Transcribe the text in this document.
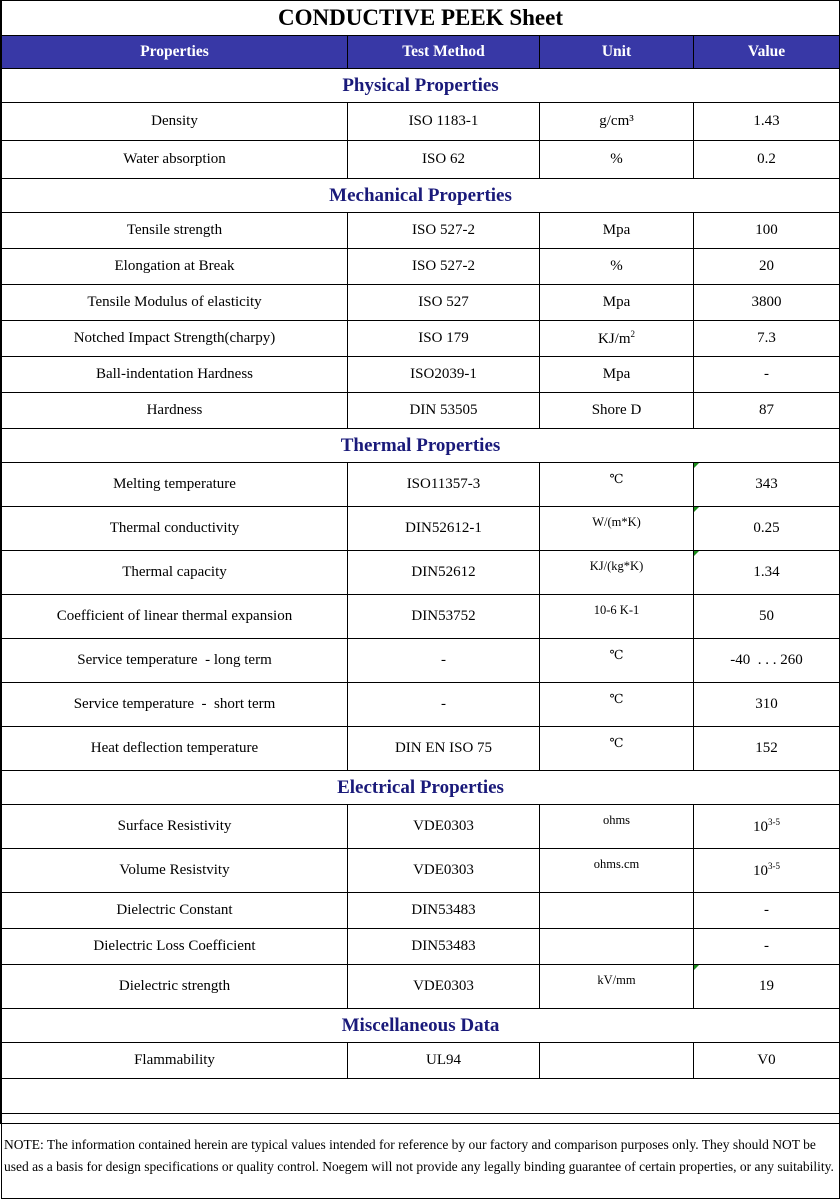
CONDUCTIVE PEEK Sheet			
Properties	Test Method	Unit	Value
Physical Properties			
Density	ISO 1183-1	g/cm³	1.43
Water absorption	ISO 62	%	0.2
Mechanical Properties			
Tensile strength	ISO 527-2	Mpa	100
Elongation at Break	ISO 527-2	%	20
Tensile Modulus of elasticity	ISO 527	Mpa	3800
Notched Impact Strength(charpy)	ISO 179	$KJ/m^2$	7.3
Ball-indentation Hardness	ISO2039-1	Mpa	-
Hardness	DIN 53505	Shore D	87
Thermal Properties			
Melting temperature	ISO11357-3	℃	343
Thermal conductivity	DIN52612-1	W/(m*K)	0.25
Thermal capacity	DIN52612	KJ/(kg*K)	1.34
Coefficient of linear thermal expansion	DIN53752	10-6 K-1	50
Service temperature  - long term	-	℃	-40  . . . 260
Service temperature  -  short term	-	℃	310
Heat deflection temperature	DIN EN ISO 75	℃	152
Electrical Properties			
Surface Resistivity	VDE0303	ohms	10$^{3-5}$
Volume Resistvity	VDE0303	ohms.cm	10$^{3-5}$
Dielectric Constant	DIN53483		-
Dielectric Loss Coefficient	DIN53483		-
Dielectric strength	VDE0303	kV/mm	19
Miscellaneous Data			
Flammability	UL94		V0

NOTE: The information contained herein are typical values intended for reference by our factory and comparison purposes only. They should NOT be used as a basis for design specifications or quality control. Noegem will not provide any legally binding guarantee of certain properties, or any suitability.			
